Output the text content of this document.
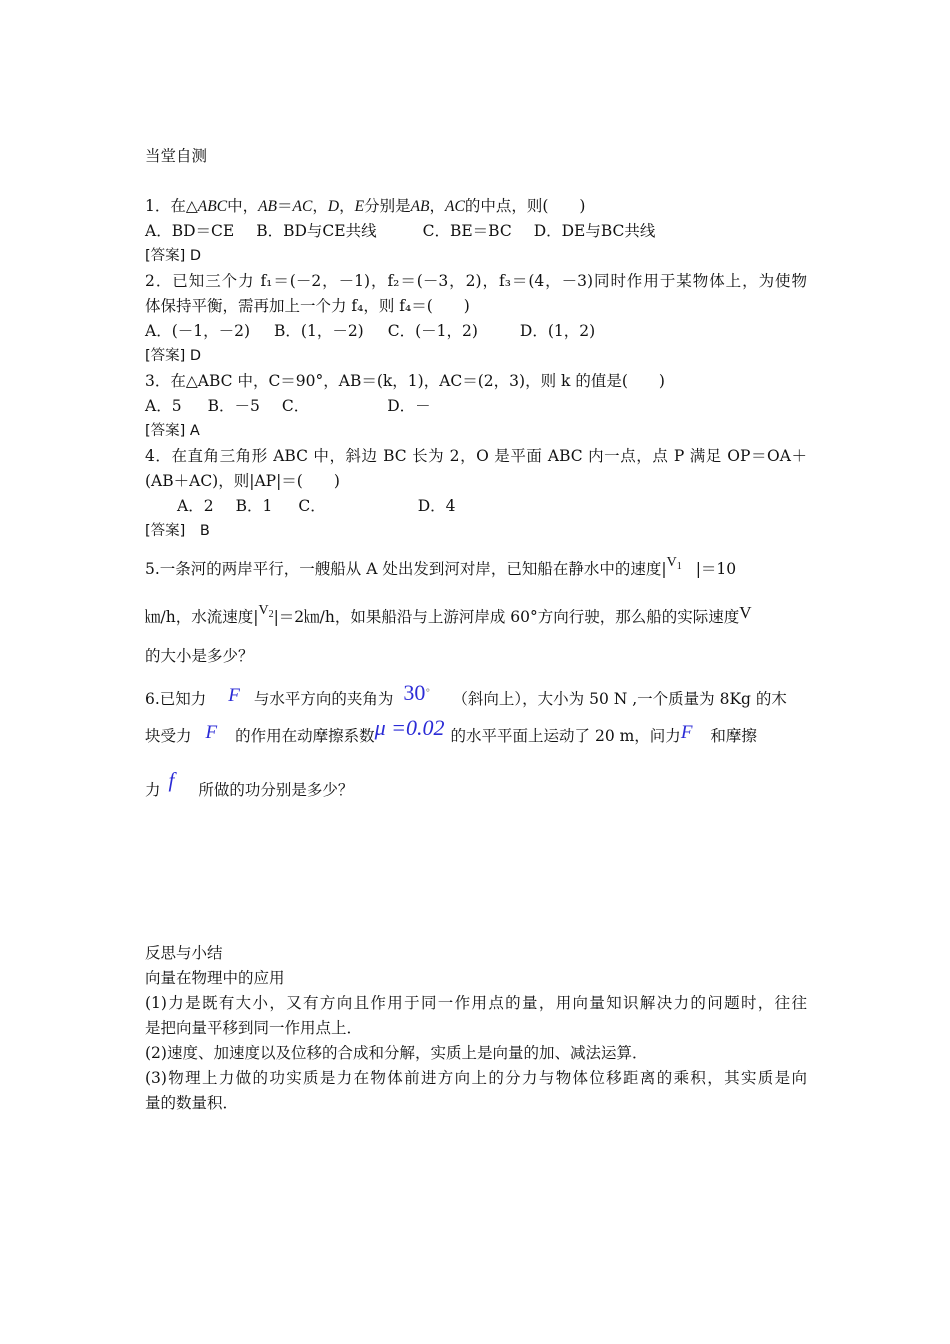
当堂自测
1．在△ABC中，AB＝AC，D，E分别是AB，AC的中点，则(　　)
A．BD＝CE B．BD与CE共线	C．BE＝BC D．DE与BC共线
[答案] D
2．已知三个力 f₁＝(－2，－1)，f₂＝(－3，2)，f₃＝(4，－3)同时作用于某物体上，为使物
体保持平衡，需再加上一个力 f₄，则 f₄＝(　　)
A．(－1，－2) B．(1，－2) C．(－1，2)	D．(1，2)
[答案] D
3．在△ABC 中，C＝90°，AB＝(k，1)，AC＝(2，3)，则 k 的值是(　　)
A．5 B．－5 C．	D．－
[答案] A
4．在直角三角形 ABC 中，斜边 BC 长为 2，O 是平面 ABC 内一点，点 P 满足 OP＝OA＋
(AB＋AC)，则|AP|＝(　　)
A．2 B．1 C．	D．4
[答案]　B
5.一条河的两岸平行，一艘船从 A 处出发到河对岸，已知船在静水中的速度$|V_1$ |＝10
㎞/h，水流速度$|V_2|=2㎞/h$，如果船沿与上游河岸成 60°方向行驶，那么船的实际速度V
的大小是多少？
6.已知力 F 与水平方向的夹角为 30° （斜向上），大小为 50 N ,一个质量为 8Kg 的木
块受力 F 的作用在动摩擦系数μ =0.02 的水平平面上运动了 20 m，问力F 和摩擦
力 f 所做的功分别是多少？
反思与小结
向量在物理中的应用
(1)力是既有大小，又有方向且作用于同一作用点的量，用向量知识解决力的问题时，往往
是把向量平移到同一作用点上．
(2)速度、加速度以及位移的合成和分解，实质上是向量的加、减法运算．
(3)物理上力做的功实质是力在物体前进方向上的分力与物体位移距离的乘积，其实质是向
量的数量积．
